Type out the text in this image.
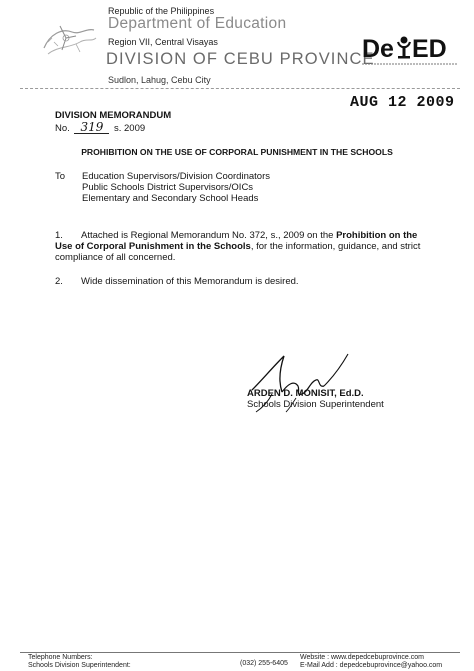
Republic of the Philippines
Department of Education
Region VII, Central Visayas
DIVISION OF CEBU PROVINCE
Sudlon, Lahug, Cebu City
De ED
AUG 12 2009
DIVISION MEMORANDUM
No. 319 s. 2009
PROHIBITION ON THE USE OF CORPORAL PUNISHMENT IN THE SCHOOLS
To Education Supervisors/Division Coordinators
Public Schools District Supervisors/OICs
Elementary and Secondary School Heads
1. Attached is Regional Memorandum No. 372, s., 2009 on the Prohibition on the Use of Corporal Punishment in the Schools, for the information, guidance, and strict compliance of all concerned.
2. Wide dissemination of this Memorandum is desired.
ARDEN D. MONISIT, Ed.D.
Schools Division Superintendent
Telephone Numbers:
Schools Division Superintendent:	(032) 255-6405
Website : www.depedcebuprovince.com
E-Mail Add : depedcebuprovince@yahoo.com
